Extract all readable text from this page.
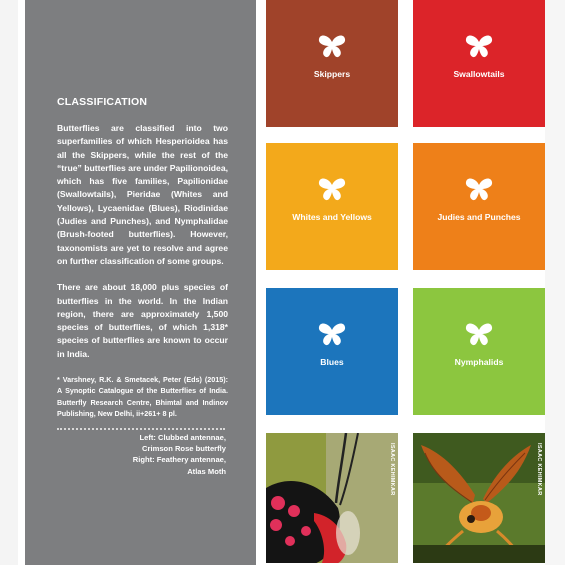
CLASSIFICATION

Butterflies are classified into two superfamilies of which Hesperioidea has all the Skippers, while the rest of the “true” butterflies are under Papilionoidea, which has five families, Papilionidae (Swallowtails), Pieridae (Whites and Yellows), Lycaenidae (Blues), Riodinidae (Judies and Punches), and Nymphalidae (Brush-footed butterflies). However, taxonomists are yet to resolve and agree on further classification of some groups.

There are about 18,000 plus species of butterflies in the world. In the Indian region, there are approximately 1,500 species of butterflies, of which 1,318* species of butterflies are known to occur in India.

* Varshney, R.K. & Smetacek, Peter (Eds) (2015): A Synoptic Catalogue of the Butterflies of India. Butterfly Research Centre, Bhimtal and Indinov Publishing, New Delhi, ii+261+ 8 pl.

Left: Clubbed antennae,
Crimson Rose butterfly
Right: Feathery antennae,
Atlas Moth
Skippers	Swallowtails
Whites and Yellows	Judies and Punches
Blues	Nymphalids
ISAAC KEHIMKAR	ISAAC KEHIMKAR
